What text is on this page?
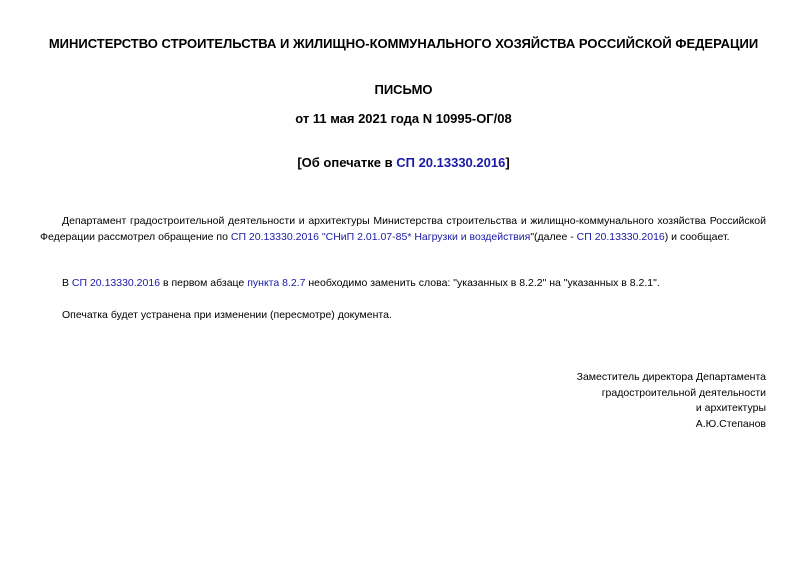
МИНИСТЕРСТВО СТРОИТЕЛЬСТВА И ЖИЛИЩНО-КОММУНАЛЬНОГО ХОЗЯЙСТВА РОССИЙСКОЙ ФЕДЕРАЦИИ
ПИСЬМО
от 11 мая 2021 года N 10995-ОГ/08
[Об опечатке в СП 20.13330.2016]
Департамент градостроительной деятельности и архитектуры Министерства строительства и жилищно-коммунального хозяйства Российской Федерации рассмотрел обращение по СП 20.13330.2016 "СНиП 2.01.07-85* Нагрузки и воздействия"(далее - СП 20.13330.2016) и сообщает.
В СП 20.13330.2016 в первом абзаце пункта 8.2.7 необходимо заменить слова: "указанных в 8.2.2" на "указанных в 8.2.1".
Опечатка будет устранена при изменении (пересмотре) документа.
Заместитель директора Департамента
градостроительной деятельности
и архитектуры
А.Ю.Степанов
